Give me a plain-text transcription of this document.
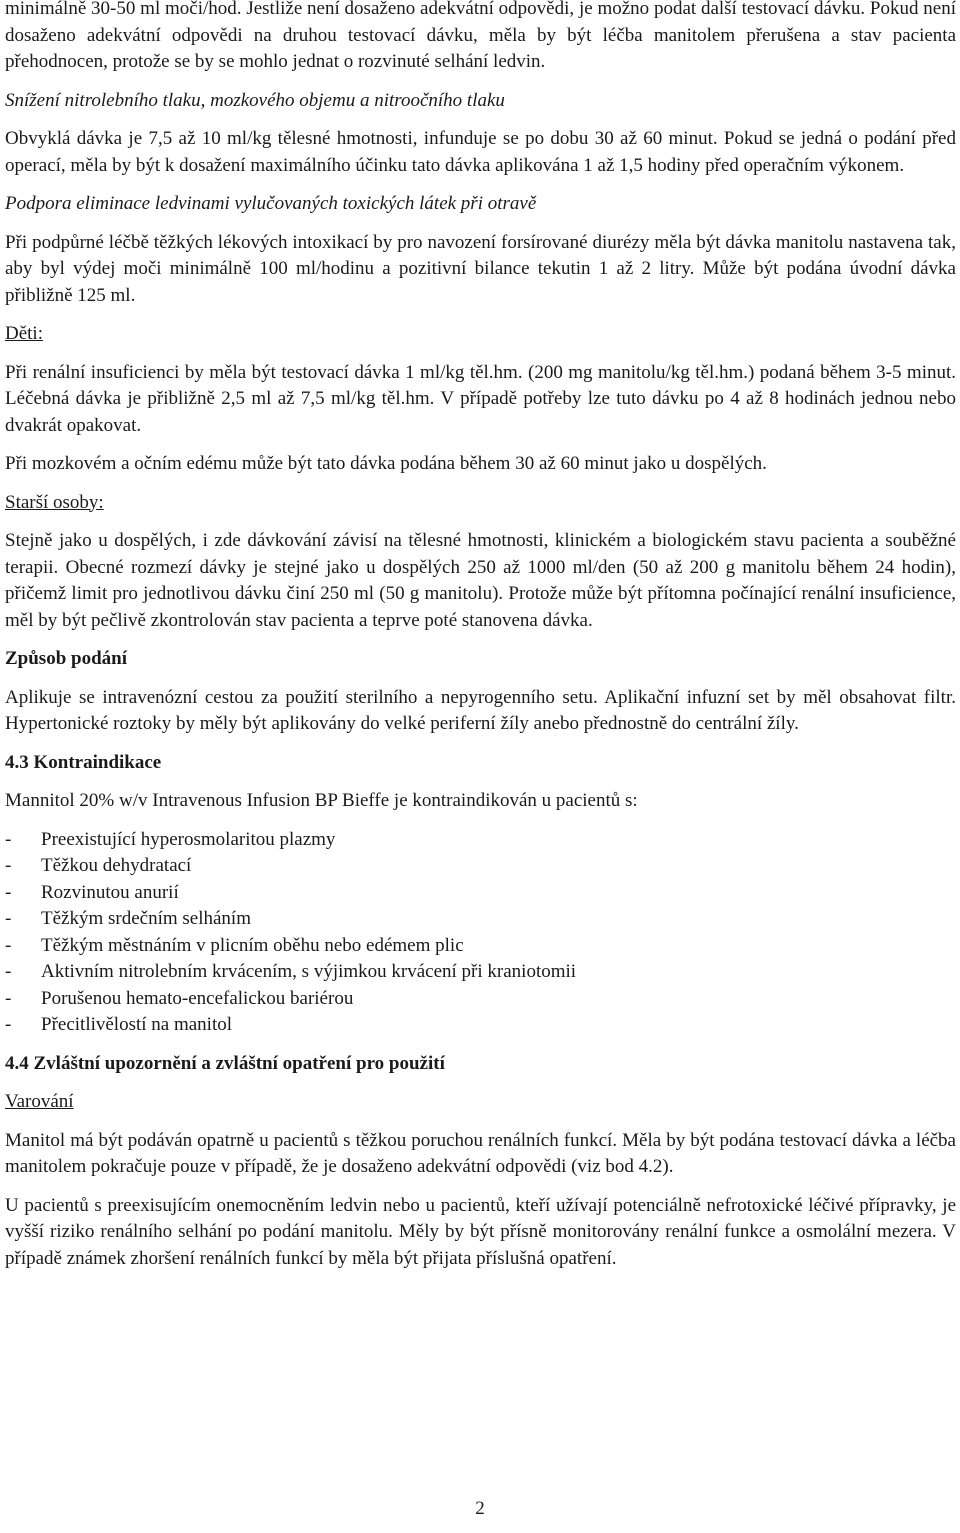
minimálně 30-50 ml moči/hod. Jestliže není dosaženo adekvátní odpovědi, je možno podat další testovací dávku. Pokud není dosaženo adekvátní odpovědi na druhou testovací dávku, měla by být léčba manitolem přerušena a stav pacienta přehodnocen, protože se by se mohlo jednat o rozvinuté selhání ledvin.

Snížení nitrolebního tlaku, mozkového objemu a nitroočního tlaku

Obvyklá dávka je 7,5 až 10 ml/kg tělesné hmotnosti, infunduje se po dobu 30 až 60 minut. Pokud se jedná o podání před operací, měla by být k dosažení maximálního účinku tato dávka aplikována 1 až 1,5 hodiny před operačním výkonem.

Podpora eliminace ledvinami vylučovaných toxických látek při otravě

Při podpůrné léčbě těžkých lékových intoxikací by pro navození forsírované diurézy měla být dávka manitolu nastavena tak, aby byl výdej moči minimálně 100 ml/hodinu a pozitivní bilance tekutin 1 až 2 litry. Může být podána úvodní dávka přibližně 125 ml.

Děti:

Při renální insuficienci by měla být testovací dávka 1 ml/kg těl.hm. (200 mg manitolu/kg těl.hm.) podaná během 3-5 minut. Léčebná dávka je přibližně 2,5 ml až 7,5 ml/kg těl.hm. V případě potřeby lze tuto dávku po 4 až 8 hodinách jednou nebo dvakrát opakovat.

Při mozkovém a očním edému může být tato dávka podána během 30 až 60 minut jako u dospělých.

Starší osoby:

Stejně jako u dospělých, i zde dávkování závisí na tělesné hmotnosti, klinickém a biologickém stavu pacienta a souběžné terapii. Obecné rozmezí dávky je stejné jako u dospělých 250 až 1000 ml/den (50 až 200 g manitolu během 24 hodin), přičemž limit pro jednotlivou dávku činí 250 ml (50 g manitolu). Protože může být přítomna počínající renální insuficience, měl by být pečlivě zkontrolován stav pacienta a teprve poté stanovena dávka.

Způsob podání

Aplikuje se intravenózní cestou za použití sterilního a nepyrogenního setu. Aplikační infuzní set by měl obsahovat filtr. Hypertonické roztoky by měly být aplikovány do velké periferní žíly anebo přednostně do centrální žíly.

4.3 Kontraindikace

Mannitol 20% w/v Intravenous Infusion BP Bieffe je kontraindikován u pacientů s:

- Preexistující hyperosmolaritou plazmy
- Těžkou dehydratací
- Rozvinutou anurií
- Těžkým srdečním selháním
- Těžkým městnáním v plicním oběhu nebo edémem plic
- Aktivním nitrolebním krvácením, s výjimkou krvácení při kraniotomii
- Porušenou hemato-encefalickou bariérou
- Přecitlivělostí na manitol

4.4 Zvláštní upozornění a zvláštní opatření pro použití

Varování

Manitol má být podáván opatrně u pacientů s těžkou poruchou renálních funkcí. Měla by být podána testovací dávka a léčba manitolem pokračuje pouze v případě, že je dosaženo adekvátní odpovědi (viz bod 4.2).

U pacientů s preexisujícím onemocněním ledvin nebo u pacientů, kteří užívají potenciálně nefrotoxické léčivé přípravky, je vyšší riziko renálního selhání po podání manitolu. Měly by být přísně monitorovány renální funkce a osmolální mezera. V případě známek zhoršení renálních funkcí by měla být přijata příslušná opatření.

2
